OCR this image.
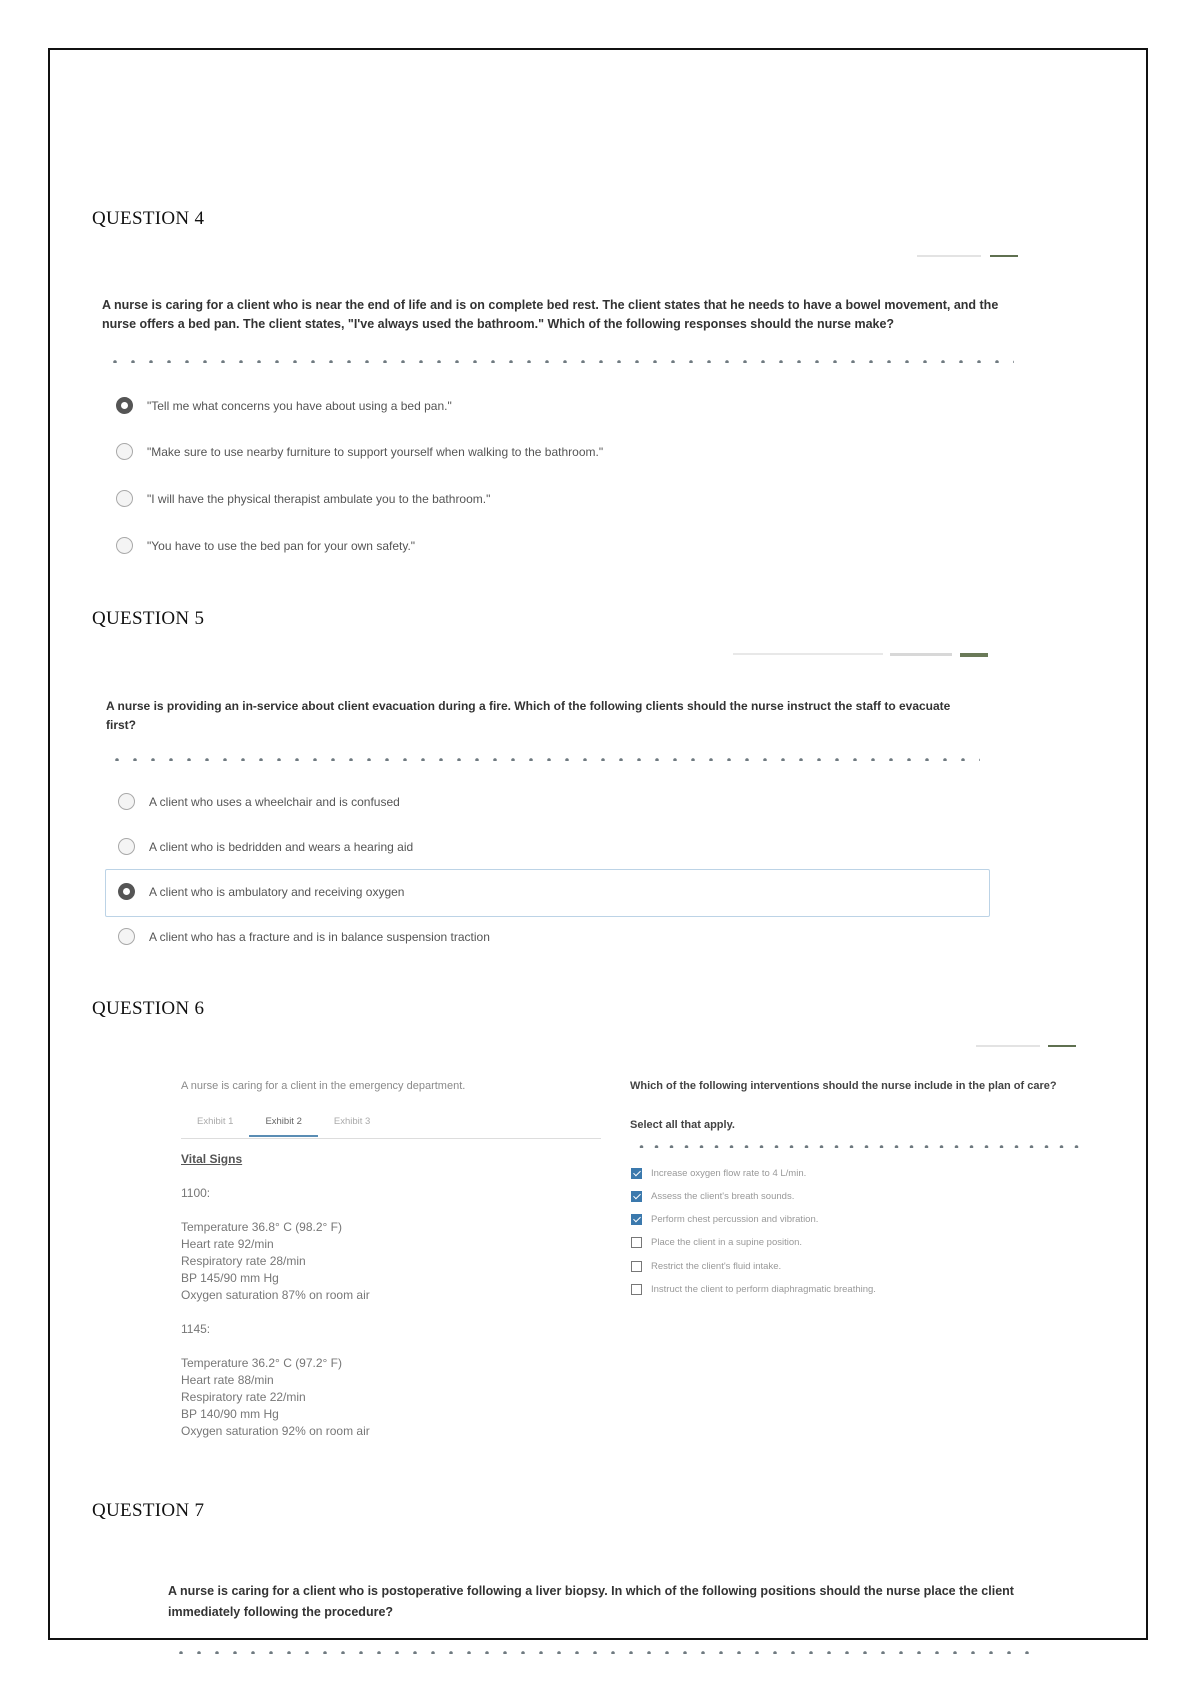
QUESTION 4
A nurse is caring for a client who is near the end of life and is on complete bed rest. The client states that he needs to have a bowel movement, and the nurse offers a bed pan. The client states, "I've always used the bathroom." Which of the following responses should the nurse make?
"Tell me what concerns you have about using a bed pan."
"Make sure to use nearby furniture to support yourself when walking to the bathroom."
"I will have the physical therapist ambulate you to the bathroom."
"You have to use the bed pan for your own safety."
QUESTION 5
A nurse is providing an in-service about client evacuation during a fire. Which of the following clients should the nurse instruct the staff to evacuate first?
A client who uses a wheelchair and is confused
A client who is bedridden and wears a hearing aid
A client who is ambulatory and receiving oxygen
A client who has a fracture and is in balance suspension traction
QUESTION 6
A nurse is caring for a client in the emergency department.
Exhibit 1	Exhibit 2	Exhibit 3
Vital Signs
1100:
Temperature 36.8° C (98.2° F)
Heart rate 92/min
Respiratory rate 28/min
BP 145/90 mm Hg
Oxygen saturation 87% on room air
1145:
Temperature 36.2° C (97.2° F)
Heart rate 88/min
Respiratory rate 22/min
BP 140/90 mm Hg
Oxygen saturation 92% on room air
Which of the following interventions should the nurse include in the plan of care?
Select all that apply.
Increase oxygen flow rate to 4 L/min.
Assess the client's breath sounds.
Perform chest percussion and vibration.
Place the client in a supine position.
Restrict the client's fluid intake.
Instruct the client to perform diaphragmatic breathing.
QUESTION 7
A nurse is caring for a client who is postoperative following a liver biopsy. In which of the following positions should the nurse place the client immediately following the procedure?
